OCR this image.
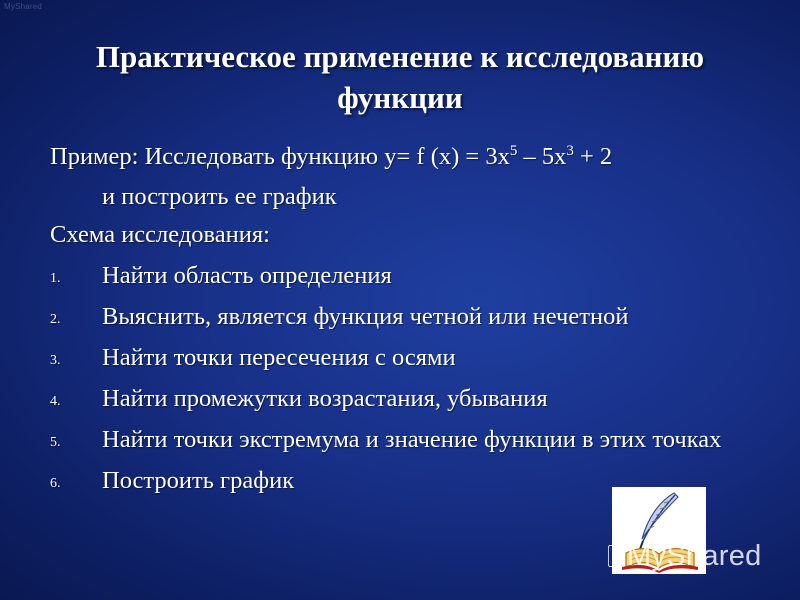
MyShared
Практическое применение к исследованию функции

Пример: Исследовать функцию у= f $(x) = 3x^5 - 5x^3 + 2$

и построить ее график

Схема исследования:

1. Найти область определения
2. Выяснить, является функция четной или нечетной
3. Найти точки пересечения с осями
4. Найти промежутки возрастания, убывания
5. Найти точки экстремума и значение функции в этих точках
6. Построить график
MyShared
